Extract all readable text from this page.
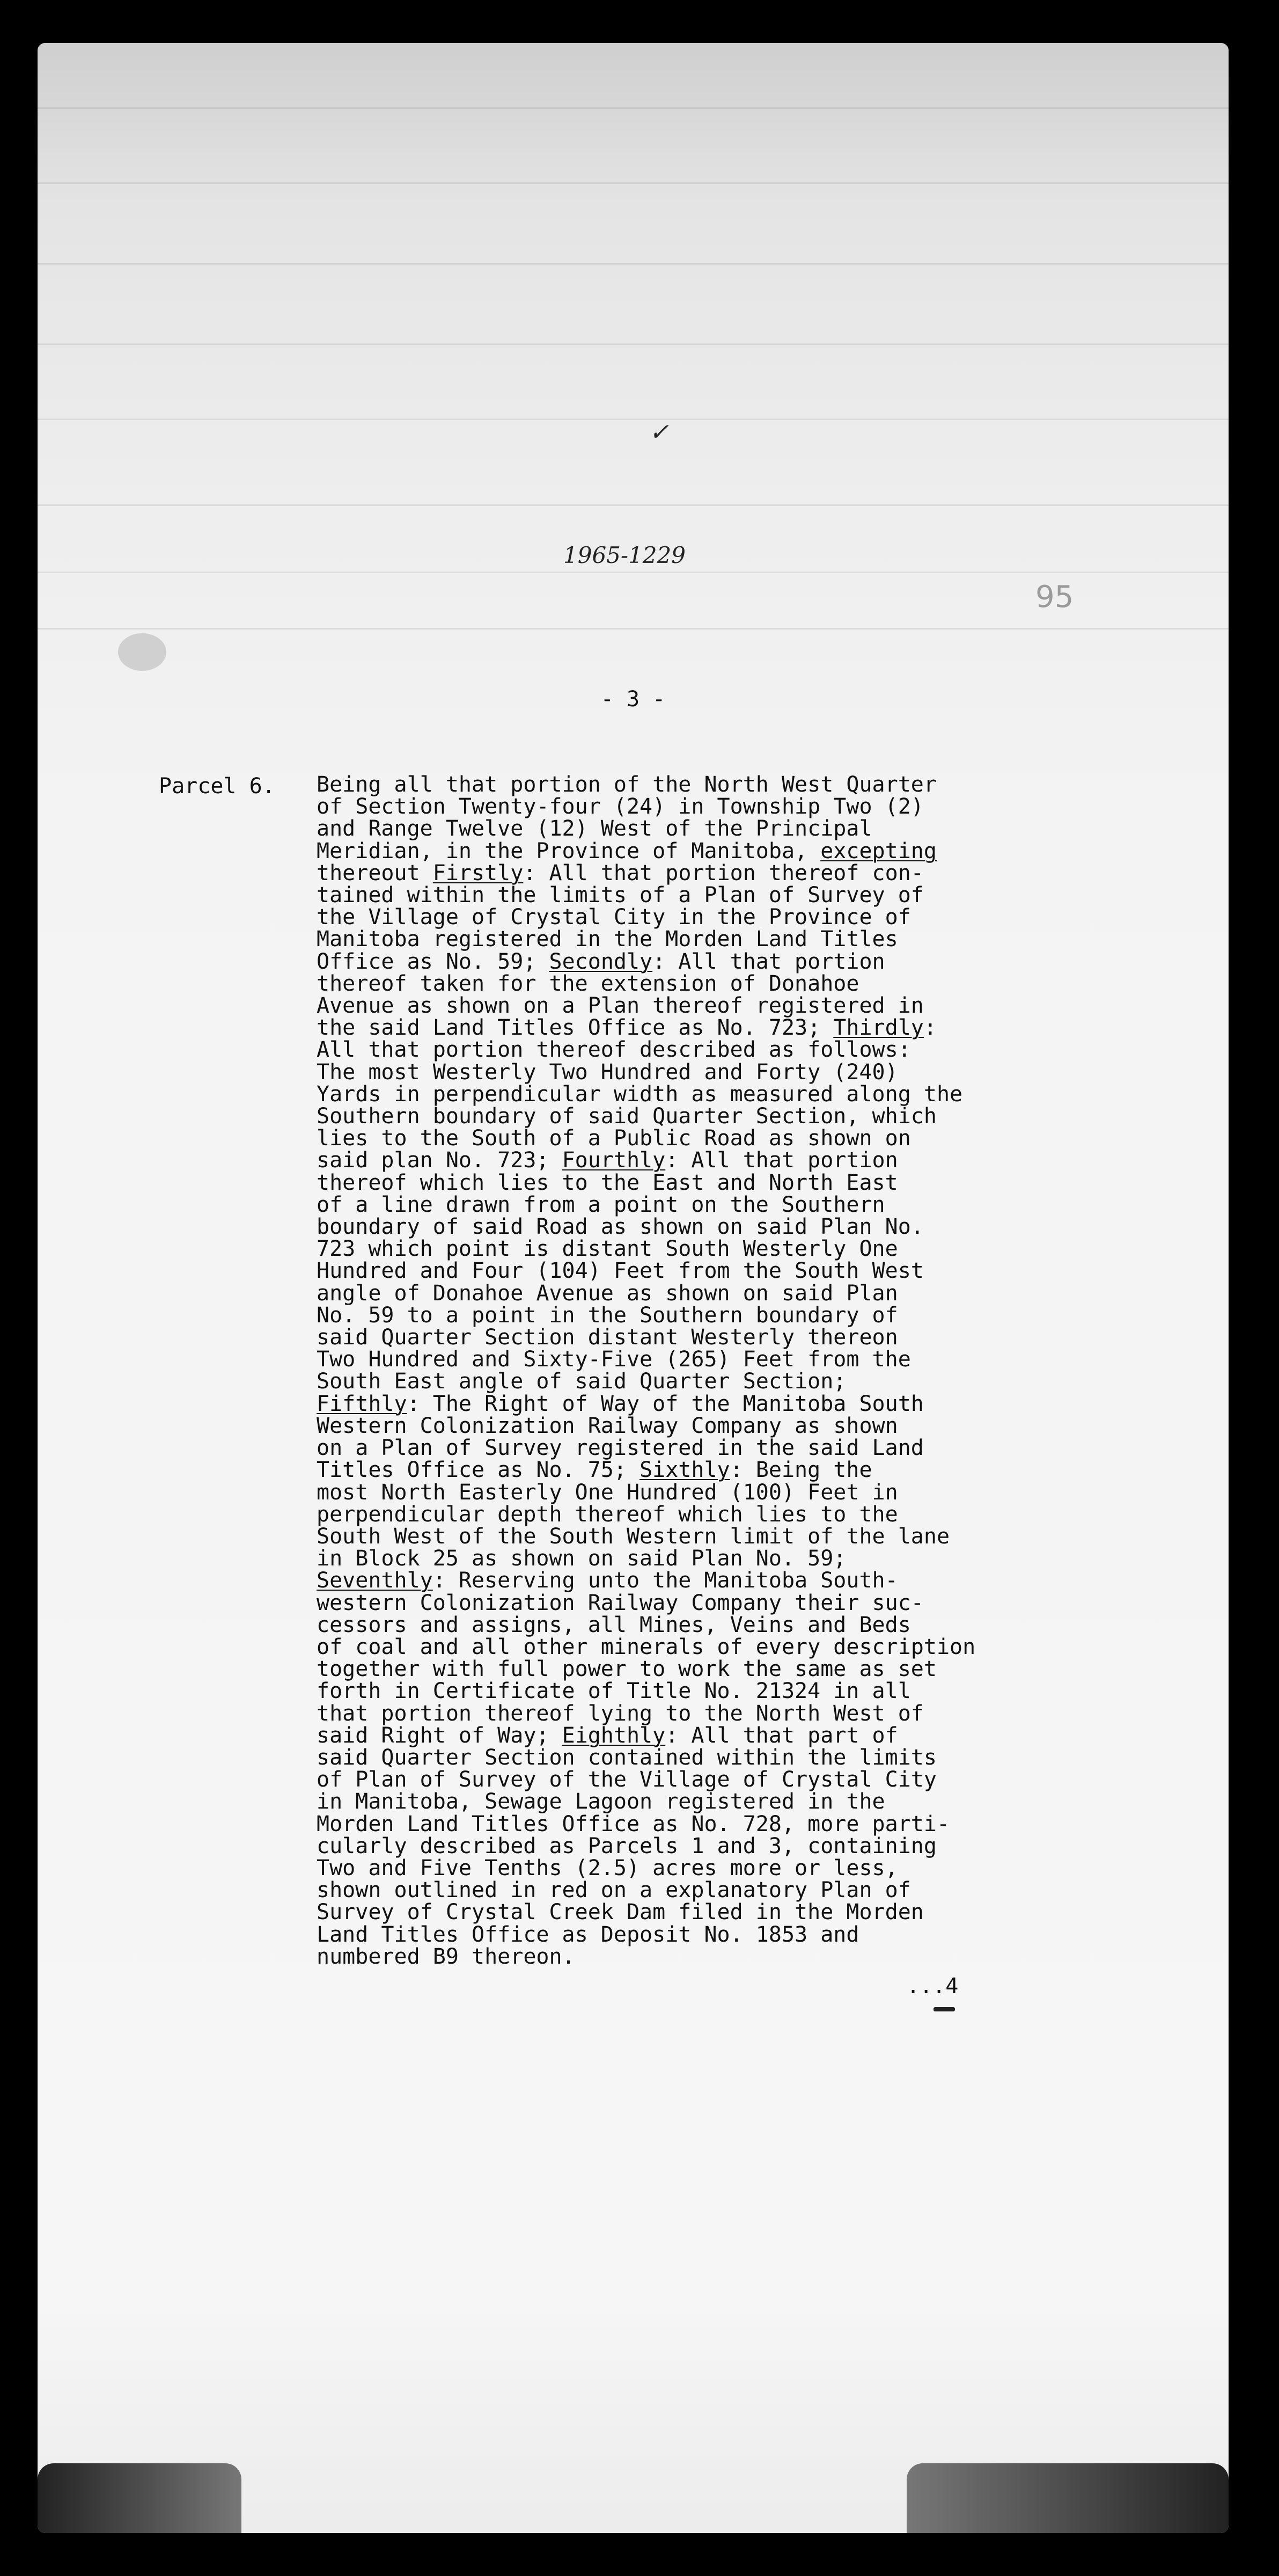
✓
1965-1229
95
- 3 -
Parcel 6. Being all that portion of the North West Quarter
of Section Twenty-four (24) in Township Two (2)
and Range Twelve (12) West of the Principal
Meridian, in the Province of Manitoba, excepting
thereout Firstly: All that portion thereof con-
tained within the limits of a Plan of Survey of
the Village of Crystal City in the Province of
Manitoba registered in the Morden Land Titles
Office as No. 59; Secondly: All that portion
thereof taken for the extension of Donahoe
Avenue as shown on a Plan thereof registered in
the said Land Titles Office as No. 723; Thirdly:
All that portion thereof described as follows:
The most Westerly Two Hundred and Forty (240)
Yards in perpendicular width as measured along the
Southern boundary of said Quarter Section, which
lies to the South of a Public Road as shown on
said plan No. 723; Fourthly: All that portion
thereof which lies to the East and North East
of a line drawn from a point on the Southern
boundary of said Road as shown on said Plan No.
723 which point is distant South Westerly One
Hundred and Four (104) Feet from the South West
angle of Donahoe Avenue as shown on said Plan
No. 59 to a point in the Southern boundary of
said Quarter Section distant Westerly thereon
Two Hundred and Sixty-Five (265) Feet from the
South East angle of said Quarter Section;
Fifthly: The Right of Way of the Manitoba South
Western Colonization Railway Company as shown
on a Plan of Survey registered in the said Land
Titles Office as No. 75; Sixthly: Being the
most North Easterly One Hundred (100) Feet in
perpendicular depth thereof which lies to the
South West of the South Western limit of the lane
in Block 25 as shown on said Plan No. 59;
Seventhly: Reserving unto the Manitoba South-
western Colonization Railway Company their suc-
cessors and assigns, all Mines, Veins and Beds
of coal and all other minerals of every description
together with full power to work the same as set
forth in Certificate of Title No. 21324 in all
that portion thereof lying to the North West of
said Right of Way; Eighthly: All that part of
said Quarter Section contained within the limits
of Plan of Survey of the Village of Crystal City
in Manitoba, Sewage Lagoon registered in the
Morden Land Titles Office as No. 728, more parti-
cularly described as Parcels 1 and 3, containing
Two and Five Tenths (2.5) acres more or less,
shown outlined in red on a explanatory Plan of
Survey of Crystal Creek Dam filed in the Morden
Land Titles Office as Deposit No. 1853 and
numbered B9 thereon.
...4
